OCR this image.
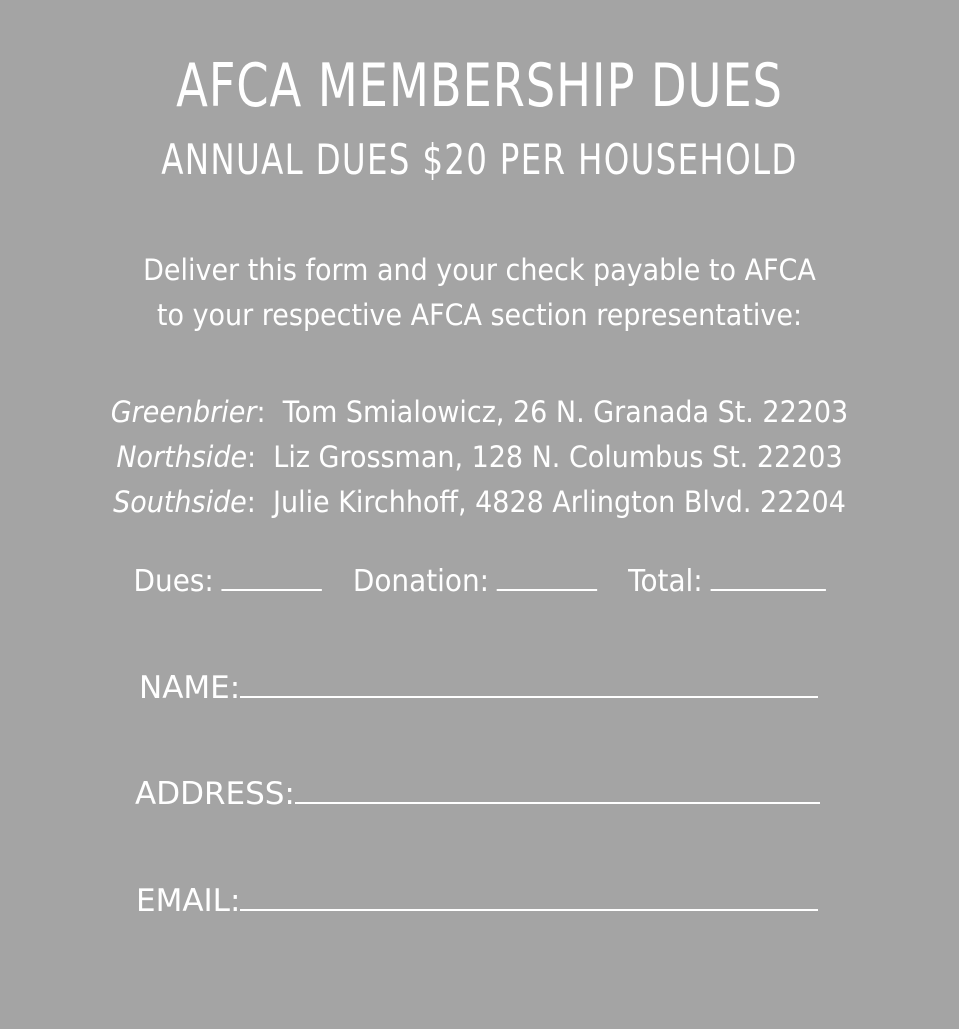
AFCA MEMBERSHIP DUES
ANNUAL DUES $20 PER HOUSEHOLD
Deliver this form and your check payable to AFCA
to your respective AFCA section representative:
Greenbrier:  Tom Smialowicz, 26 N. Granada St. 22203
Northside:  Liz Grossman, 128 N. Columbus St. 22203
Southside:  Julie Kirchhoff, 4828 Arlington Blvd. 22204
Dues:	Donation:	Total:
NAME:
ADDRESS:
EMAIL:
